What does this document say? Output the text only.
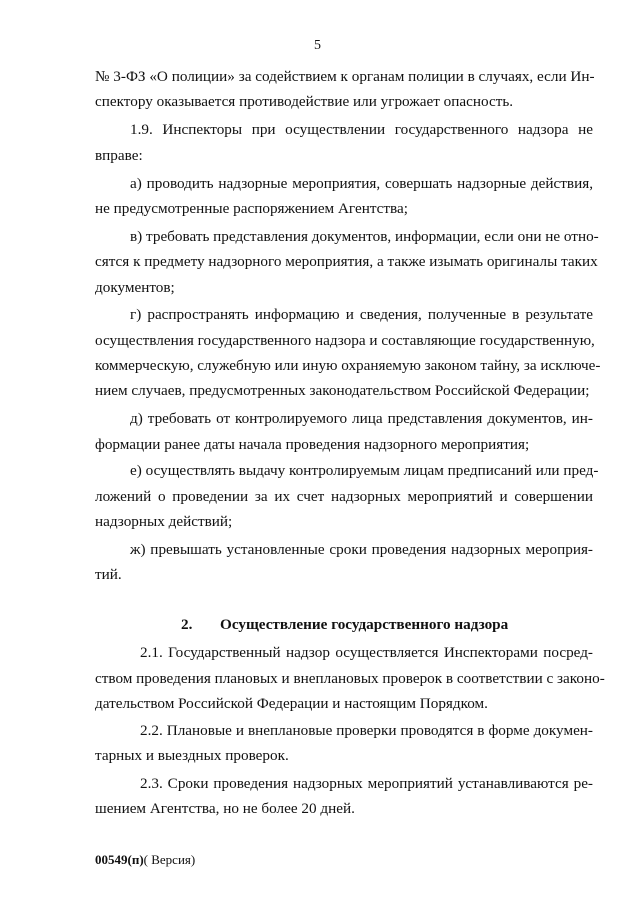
5
№ 3-ФЗ «О полиции» за содействием к органам полиции в случаях, если Ин-
спектору оказывается противодействие или угрожает опасность.
1.9. Инспекторы при осуществлении государственного надзора не
вправе:
а) проводить надзорные мероприятия, совершать надзорные действия,
не предусмотренные распоряжением Агентства;
в) требовать представления документов, информации, если они не отно-
сятся к предмету надзорного мероприятия, а также изымать оригиналы таких
документов;
г) распространять информацию и сведения, полученные в результате
осуществления государственного надзора и составляющие государственную,
коммерческую, служебную или иную охраняемую законом тайну, за исключе-
нием случаев, предусмотренных законодательством Российской Федерации;
д) требовать от контролируемого лица представления документов, ин-
формации ранее даты начала проведения надзорного мероприятия;
е) осуществлять выдачу контролируемым лицам предписаний или пред-
ложений о проведении за их счет надзорных мероприятий и совершении
надзорных действий;
ж) превышать установленные сроки проведения надзорных мероприя-
тий.
2. Осуществление государственного надзора
2.1. Государственный надзор осуществляется Инспекторами посред-
ством проведения плановых и внеплановых проверок в соответствии с законо-
дательством Российской Федерации и настоящим Порядком.
2.2. Плановые и внеплановые проверки проводятся в форме докумен-
тарных и выездных проверок.
2.3. Сроки проведения надзорных мероприятий устанавливаются ре-
шением Агентства, но не более 20 дней.
00549(п)( Версия)
